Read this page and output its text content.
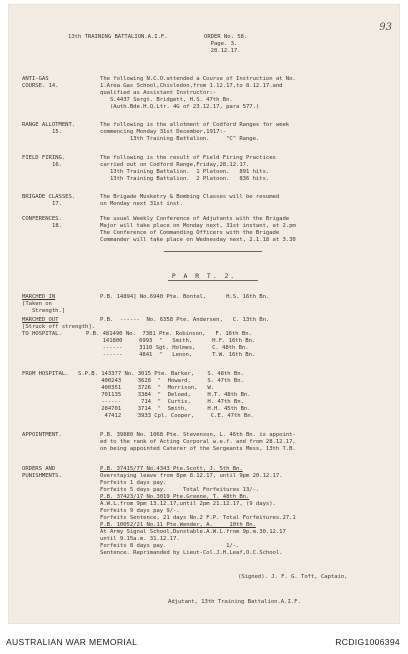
93
13th TRAINING BATTALION.A.I.F.           ORDER No. 58.
Page. 3.
28.12.17.
ANTI-GAS
COURSE. 14.
The following N.C.O.attended a Course of Instruction at No.
1.Area Gas School,Chisledon,from 1.12.17,to 8.12.17.and
qualified as Assistant Instructor:-
S.4437 Sergt. Bridgett, H.S. 47th Bn.
(Auth.Bde.H.Q.Ltr. 4G of 23.12.17, para 577.)
RANGE ALLOTMENT.
15.
The following is the allotment of Codford Ranges for week
commencing Monday 31st December,1917:-
13th Training Battalion.     "C" Range.
FIELD FIRING.
16.
The following is the result of Field Firing Practices
carried out on Codford Range,Friday,28.12.17.
13th Training Battalion.  1 Platoon.   891 hits.
13th Training Battalion.  2 Platoon.   836 hits.
BRIGADE CLASSES.
17.
The Brigade Musketry & Bombing Classes will be resumed
on Monday next 31st inst.
CONFERENCES.
18.
The usual Weekly Conference of Adjutants with the Brigade
Major will take place on Monday next, 31st instant, at 2.pm
The Conference of Commanding Officers with the Brigade
Commander will take place on Wednesday next, 2.1.18 at 3.30
P A R T. 2.
MARCHED IN	P.B. 14894] No.6940 Pte. Bontel,      H.S. 16th Bn.
[Taken on
Strength.]
MARCHED OUT	P.B.  ------  No. 6358 Pte. Andersen,   C. 13th Bn.
[Struck off strength].
TO HOSPITAL.	P.B. 481490 No.  7381 Pte. Robinson,   F. 16th Bn.
141800     6993  "   Smith,      H.F. 16th Bn.
------     3110 Sgt. Holmes,     C. 48th Bn.
------     4841  "   Lenon,      T.W. 16th Bn.
FROM HOSPITAL. S.P.B. 143377 No. 3015 Pte. Barker,    S. 48th Bn.
400243     3628  "  Howard,     S. 47th Bn.
400351     3726  "  Morrison,   W.
701135     3384  "  Deloed,     H.T. 48th Bn.
------      714  "  Curtis,     H. 47th Bn.
284701     3714  "  Smith,      H.H. 45th Bn.
47412     3933 Cpl. Cooper,     C.E. 47th Bn.
APPOINTMENT.	P.B. 39880 No. 1068 Pte. Stevenson, L. 46th Bn. is appoint-
ed to the rank of Acting Corporal w.e.f. and from 28.12.17,
on being appointed Caterer of the Sergeants Mess, 13th T.B.
ORDERS AND
PUNISHMENTS.
P.B. 37415/77 No.4343 Pte.Scott, J. 5th Bn.
Overstaying leave from 8pm 8.12.17, until 9pm 20.12.17.
Forfeits 1 days pay.
Forfeits 5 days pay.     Total Forfeitures 13/-.
P.B. 37423/17 No.3019 Pte.Greene, T. 48th Bn.
A.W.L.from 9pm 13.12.17,until 2pm 21.12.17, (9 days).
Forfeits 9 days pay 9/-.
Forfeits Sentence, 21 days No.2 F.P. Total Forfeitures.27.1
P.B. 10052/21 No.11 Pte.Wender, A.     10th Bn.
At Army Signal School,Dunstable.A.W.L.from 9p.m.30.12.17
until 9.15a.m. 31.12.17.
Forfeits 8 days pay.                  1/-.
Sentence. Reprimanded by Lieut-Col.J.H.Leaf,O.C.School.
(Signed). J. F. G. Toft, Captain,
Adjutant, 13th Training Battalion.A.I.F.
AUSTRALIAN WAR MEMORIAL	RCDIG1006394
